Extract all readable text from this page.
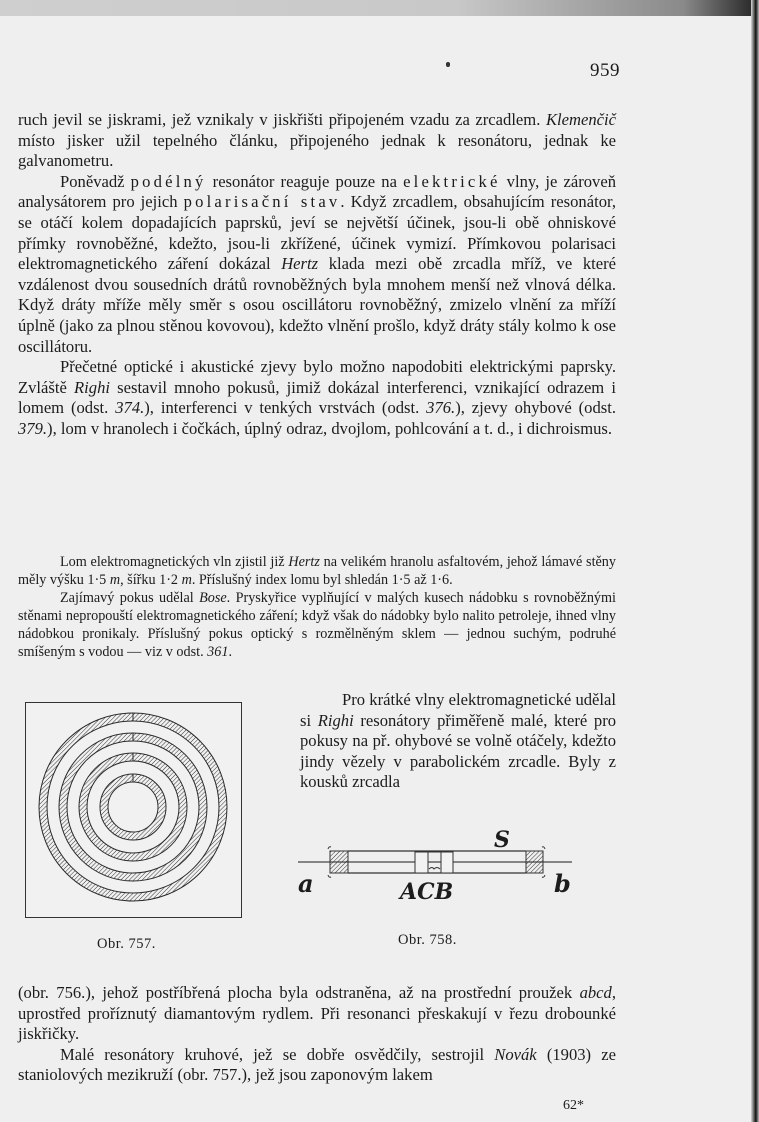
959

ruch jevil se jiskrami, jež vznikaly v jiskřišti připojeném vzadu za zrcadlem. Klemenčič místo jisker užil tepelného článku, připojeného jednak k resonátoru, jednak ke galvanometru.

Poněvadž podélný resonátor reaguje pouze na elektrické vlny, je zároveň analysátorem pro jejich polarisační stav. Když zrcadlem, obsahujícím resonátor, se otáčí kolem dopadajících paprsků, jeví se největší účinek, jsou-li obě ohniskové přímky rovnoběžné, kdežto, jsou-li zkřížené, účinek vymizí. Přímkovou polarisaci elektromagnetického záření dokázal Hertz klada mezi obě zrcadla mříž, ve které vzdálenost dvou sousedních drátů rovnoběžných byla mnohem menší než vlnová délka. Když dráty mříže měly směr s osou oscillátoru rovnoběžný, zmizelo vlnění za mříží úplně (jako za plnou stěnou kovovou), kdežto vlnění prošlo, když dráty stály kolmo k ose oscillátoru.

Přečetné optické i akustické zjevy bylo možno napodobiti elektrickými paprsky. Zvláště Righi sestavil mnoho pokusů, jimiž dokázal interferenci, vznikající odrazem i lomem (odst. 374.), interferenci v tenkých vrstvách (odst. 376.), zjevy ohybové (odst. 379.), lom v hranolech i čočkách, úplný odraz, dvojlom, pohlcování a t. d., i dichroismus.

Lom elektromagnetických vln zjistil již Hertz na velikém hranolu asfaltovém, jehož lámavé stěny měly výšku 1·5 m, šířku 1·2 m. Příslušný index lomu byl shledán 1·5 až 1·6.

Zajímavý pokus udělal Bose. Pryskyřice vyplňující v malých kusech nádobku s rovnoběžnými stěnami nepropouští elektromagnetického záření; když však do nádobky bylo nalito petroleje, ihned vlny nádobkou pronikaly. Příslušný pokus optický s rozmělněným sklem — jednou suchým, podruhé smíšeným s vodou — viz v odst. 361.

Obr. 757.

Pro krátké vlny elektromagnetické udělal si Righi resonátory přiměřeně malé, které pro pokusy na př. ohybové se volně otáčely, kdežto jindy vězely v parabolickém zrcadle. Byly z kousků zrcadla

a	b
S
ACB
Obr. 758.

(obr. 756.), jehož postříbřená plocha byla odstraněna, až na prostřední proužek abcd, uprostřed proříznutý diamantovým rydlem. Při resonanci přeskakují v řezu drobounké jiskřičky.

Malé resonátory kruhové, jež se dobře osvědčily, sestrojil Novák (1903) ze staniolových mezikruží (obr. 757.), jež jsou zaponovým lakem

62*
